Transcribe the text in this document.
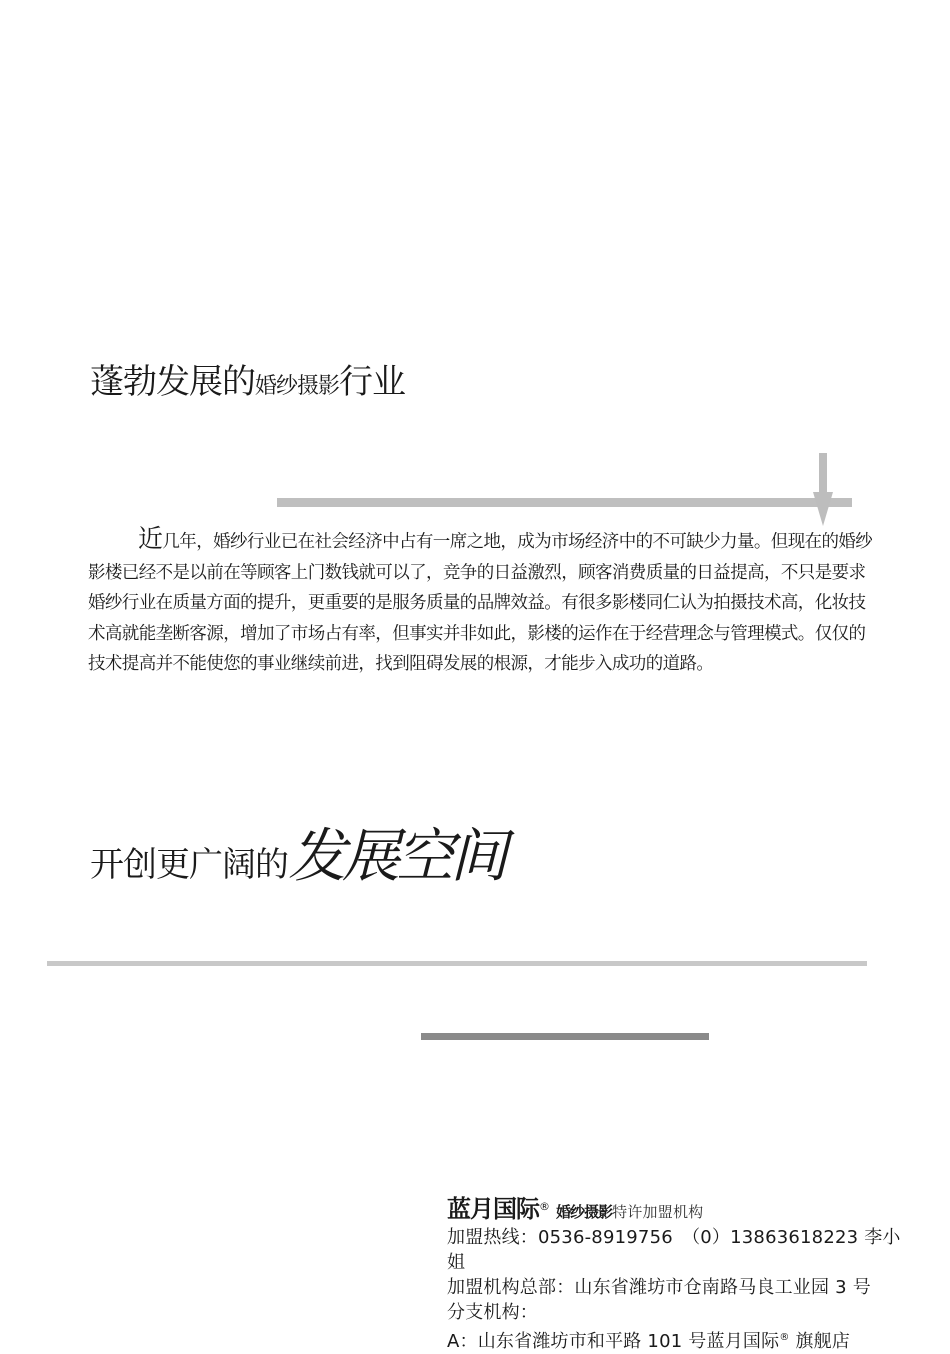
蓬勃发展的婚纱摄影行业
近几年，婚纱行业已在社会经济中占有一席之地，成为市场经济中的不可缺少力量。但现在的婚纱影楼已经不是以前在等顾客上门数钱就可以了，竞争的日益激烈，顾客消费质量的日益提高，不只是要求婚纱行业在质量方面的提升，更重要的是服务质量的品牌效益。有很多影楼同仁认为拍摄技术高，化妆技术高就能垄断客源，增加了市场占有率，但事实并非如此，影楼的运作在于经营理念与管理模式。仅仅的技术提高并不能使您的事业继续前进，找到阻碍发展的根源，才能步入成功的道路。
开创更广阔的发展空间
蓝月国际® 婚纱摄影特许加盟机构
加盟热线：0536-8919756　（0）13863618223 李小姐
加盟机构总部：山东省潍坊市仓南路马良工业园 3 号
分支机构：
A：山东省潍坊市和平路 101 号蓝月国际® 旗舰店
